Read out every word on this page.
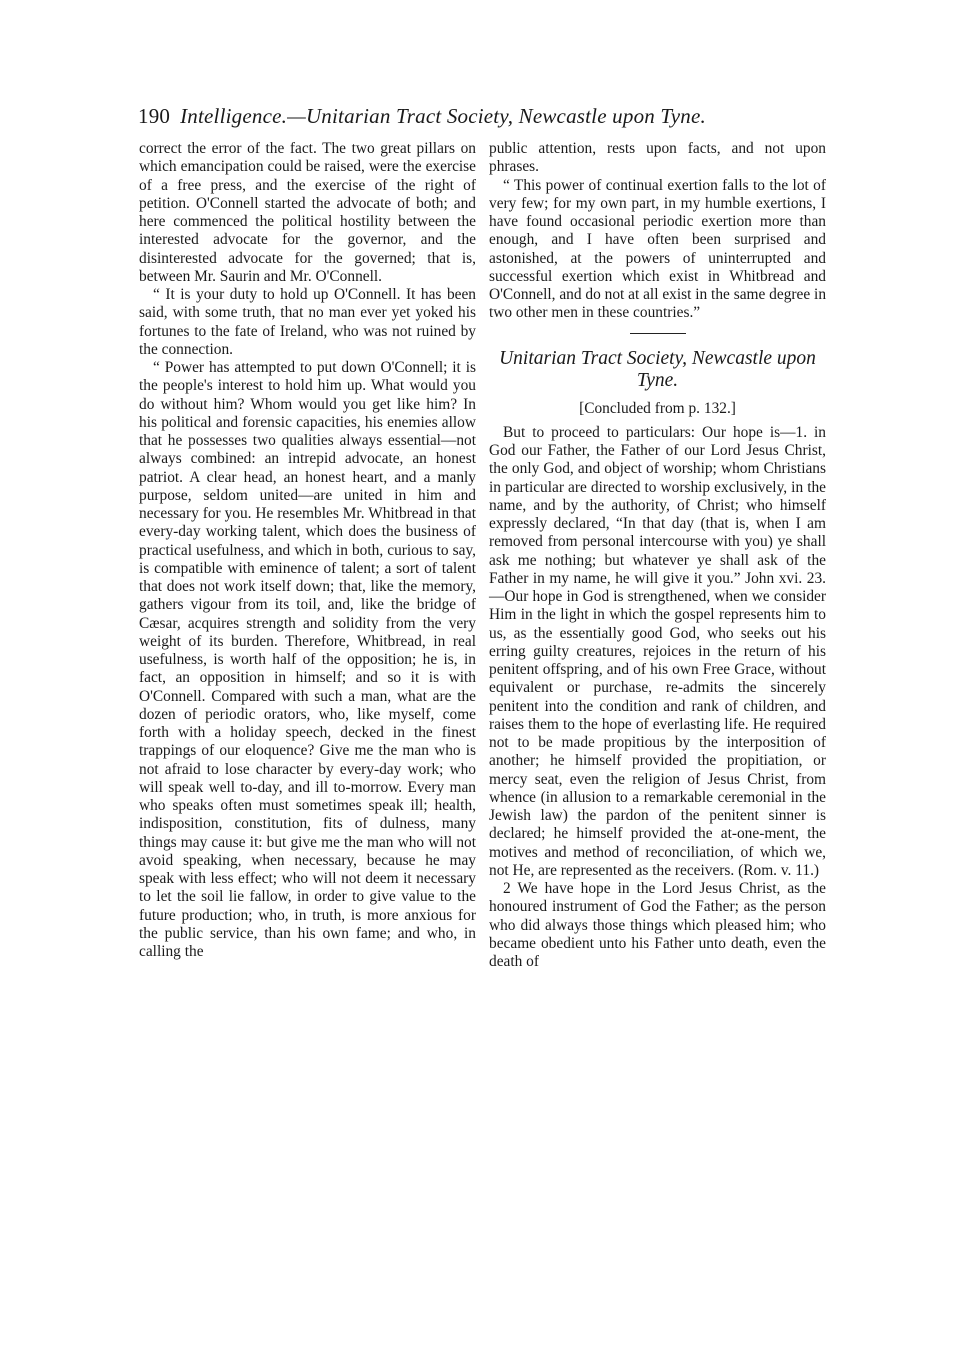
190 Intelligence.—Unitarian Tract Society, Newcastle upon Tyne.

correct the error of the fact. The two great pillars on which emancipation could be raised, were the exercise of a free press, and the exercise of the right of petition. O'Connell started the advocate of both; and here commenced the political hostility between the interested advocate for the governor, and the disinterested advocate for the governed; that is, between Mr. Saurin and Mr. O'Connell.

“ It is your duty to hold up O'Connell. It has been said, with some truth, that no man ever yet yoked his fortunes to the fate of Ireland, who was not ruined by the connection.

“ Power has attempted to put down O'Connell; it is the people's interest to hold him up. What would you do without him? Whom would you get like him? In his political and forensic capacities, his enemies allow that he possesses two qualities always essential—not always combined: an intrepid advocate, an honest patriot. A clear head, an honest heart, and a manly purpose, seldom united—are united in him and necessary for you. He resembles Mr. Whitbread in that every-day working talent, which does the business of practical usefulness, and which in both, curious to say, is compatible with eminence of talent; a sort of talent that does not work itself down; that, like the memory, gathers vigour from its toil, and, like the bridge of Cæsar, acquires strength and solidity from the very weight of its burden. Therefore, Whitbread, in real usefulness, is worth half of the opposition; he is, in fact, an opposition in himself; and so it is with O'Connell. Compared with such a man, what are the dozen of periodic orators, who, like myself, come forth with a holiday speech, decked in the finest trappings of our eloquence? Give me the man who is not afraid to lose character by every-day work; who will speak well to-day, and ill to-morrow. Every man who speaks often must sometimes speak ill; health, indisposition, constitution, fits of dulness, many things may cause it: but give me the man who will not avoid speaking, when necessary, because he may speak with less effect; who will not deem it necessary to let the soil lie fallow, in order to give value to the future production; who, in truth, is more anxious for the public service, than his own fame; and who, in calling the

public attention, rests upon facts, and not upon phrases.

“ This power of continual exertion falls to the lot of very few; for my own part, in my humble exertions, I have found occasional periodic exertion more than enough, and I have often been surprised and astonished, at the powers of uninterrupted and successful exertion which exist in Whitbread and O'Connell, and do not at all exist in the same degree in two other men in these countries.”

Unitarian Tract Society, Newcastle upon Tyne.
[Concluded from p. 132.]

But to proceed to particulars: Our hope is—1. in God our Father, the Father of our Lord Jesus Christ, the only God, and object of worship; whom Christians in particular are directed to worship exclusively, in the name, and by the authority, of Christ; who himself expressly declared, “In that day (that is, when I am removed from personal intercourse with you) ye shall ask me nothing; but whatever ye shall ask of the Father in my name, he will give it you.” John xvi. 23.—Our hope in God is strengthened, when we consider Him in the light in which the gospel represents him to us, as the essentially good God, who seeks out his erring guilty creatures, rejoices in the return of his penitent offspring, and of his own Free Grace, without equivalent or purchase, re-admits the sincerely penitent into the condition and rank of children, and raises them to the hope of everlasting life. He required not to be made propitious by the interposition of another; he himself provided the propitiation, or mercy seat, even the religion of Jesus Christ, from whence (in allusion to a remarkable ceremonial in the Jewish law) the pardon of the penitent sinner is declared; he himself provided the at-one-ment, the motives and method of reconciliation, of which we, not He, are represented as the receivers. (Rom. v. 11.)

2 We have hope in the Lord Jesus Christ, as the honoured instrument of God the Father; as the person who did always those things which pleased him; who became obedient unto his Father unto death, even the death of
